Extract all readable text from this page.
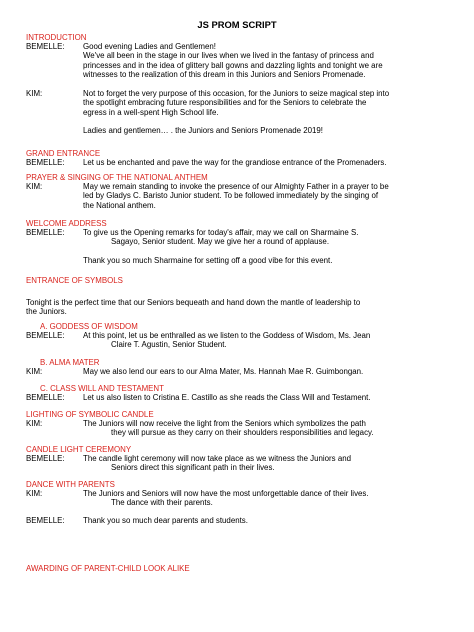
JS PROM SCRIPT
INTRODUCTION
BEMELLE: Good evening Ladies and Gentlemen!
We've all been in the stage in our lives when we lived in the fantasy of princess and
princesses and in the idea of glittery ball gowns and dazzling lights and tonight we are
witnesses to the realization of this dream in this Juniors and Seniors Promenade.
KIM:	Not to forget the very purpose of this occasion, for the Juniors to seize magical step into
the spotlight embracing future responsibilities and for the Seniors to celebrate the
egress in a well-spent High School life.
Ladies and gentlemen… . the Juniors and Seniors Promenade 2019!
GRAND ENTRANCE
BEMELLE: Let us be enchanted and pave the way for the grandiose entrance of the Promenaders.
PRAYER & SINGING OF THE NATIONAL ANTHEM
KIM:	May we remain standing to invoke the presence of our Almighty Father in a prayer to be
led by Gladys C. Baristo Junior student. To be followed immediately by the singing of
the National anthem.
WELCOME ADDRESS
BEMELLE: To give us the Opening remarks for today's affair, may we call on Sharmaine S.
Sagayo, Senior student. May we give her a round of applause.
Thank you so much Sharmaine for setting off a good vibe for this event.
ENTRANCE OF SYMBOLS
Tonight is the perfect time that our Seniors bequeath and hand down the mantle of leadership to
the Juniors.
A. GODDESS OF WISDOM
BEMELLE: At this point, let us be enthralled as we listen to the Goddess of Wisdom, Ms. Jean
Claire T. Agustin, Senior Student.
B. ALMA MATER
KIM:	May we also lend our ears to our Alma Mater, Ms. Hannah Mae R. Guimbongan.
C. CLASS WILL AND TESTAMENT
BEMELLE: Let us also listen to Cristina E. Castillo as she reads the Class Will and Testament.
LIGHTING OF SYMBOLIC CANDLE
KIM:	The Juniors will now receive the light from the Seniors which symbolizes the path
they will pursue as they carry on their shoulders responsibilities and legacy.
CANDLE LIGHT CEREMONY
BEMELLE: The candle light ceremony will now take place as we witness the Juniors and
Seniors direct this significant path in their lives.
DANCE WITH PARENTS
KIM:	The Juniors and Seniors will now have the most unforgettable dance of their lives.
The dance with their parents.
BEMELLE: Thank you so much dear parents and students.
AWARDING OF PARENT-CHILD LOOK ALIKE
